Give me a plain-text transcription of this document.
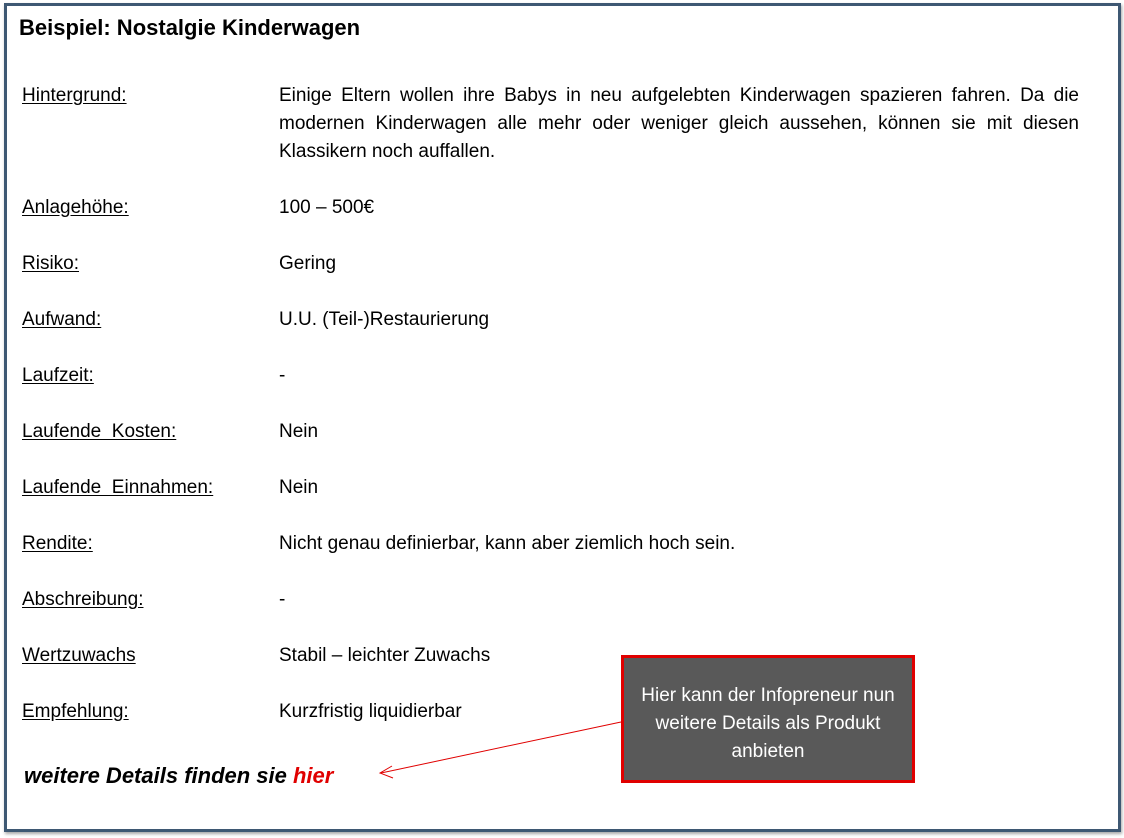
Beispiel: Nostalgie Kinderwagen
Hintergrund:	Einige Eltern wollen ihre Babys in neu aufgelebten Kinderwagen spazieren fahren. Da die modernen Kinderwagen alle mehr oder weniger gleich aussehen, können sie mit diesen Klassikern noch auffallen.
Anlagehöhe:	100 – 500€
Risiko:	Gering
Aufwand:	U.U. (Teil-)Restaurierung
Laufzeit:	-
Laufende  Kosten:	Nein
Laufende  Einnahmen:	Nein
Rendite:	Nicht genau definierbar, kann aber ziemlich hoch sein.
Abschreibung:	-
Wertzuwachs	Stabil – leichter Zuwachs
Empfehlung:	Kurzfristig liquidierbar
weitere Details finden sie hier
Hier kann der Infopreneur nun weitere Details als Produkt anbieten
